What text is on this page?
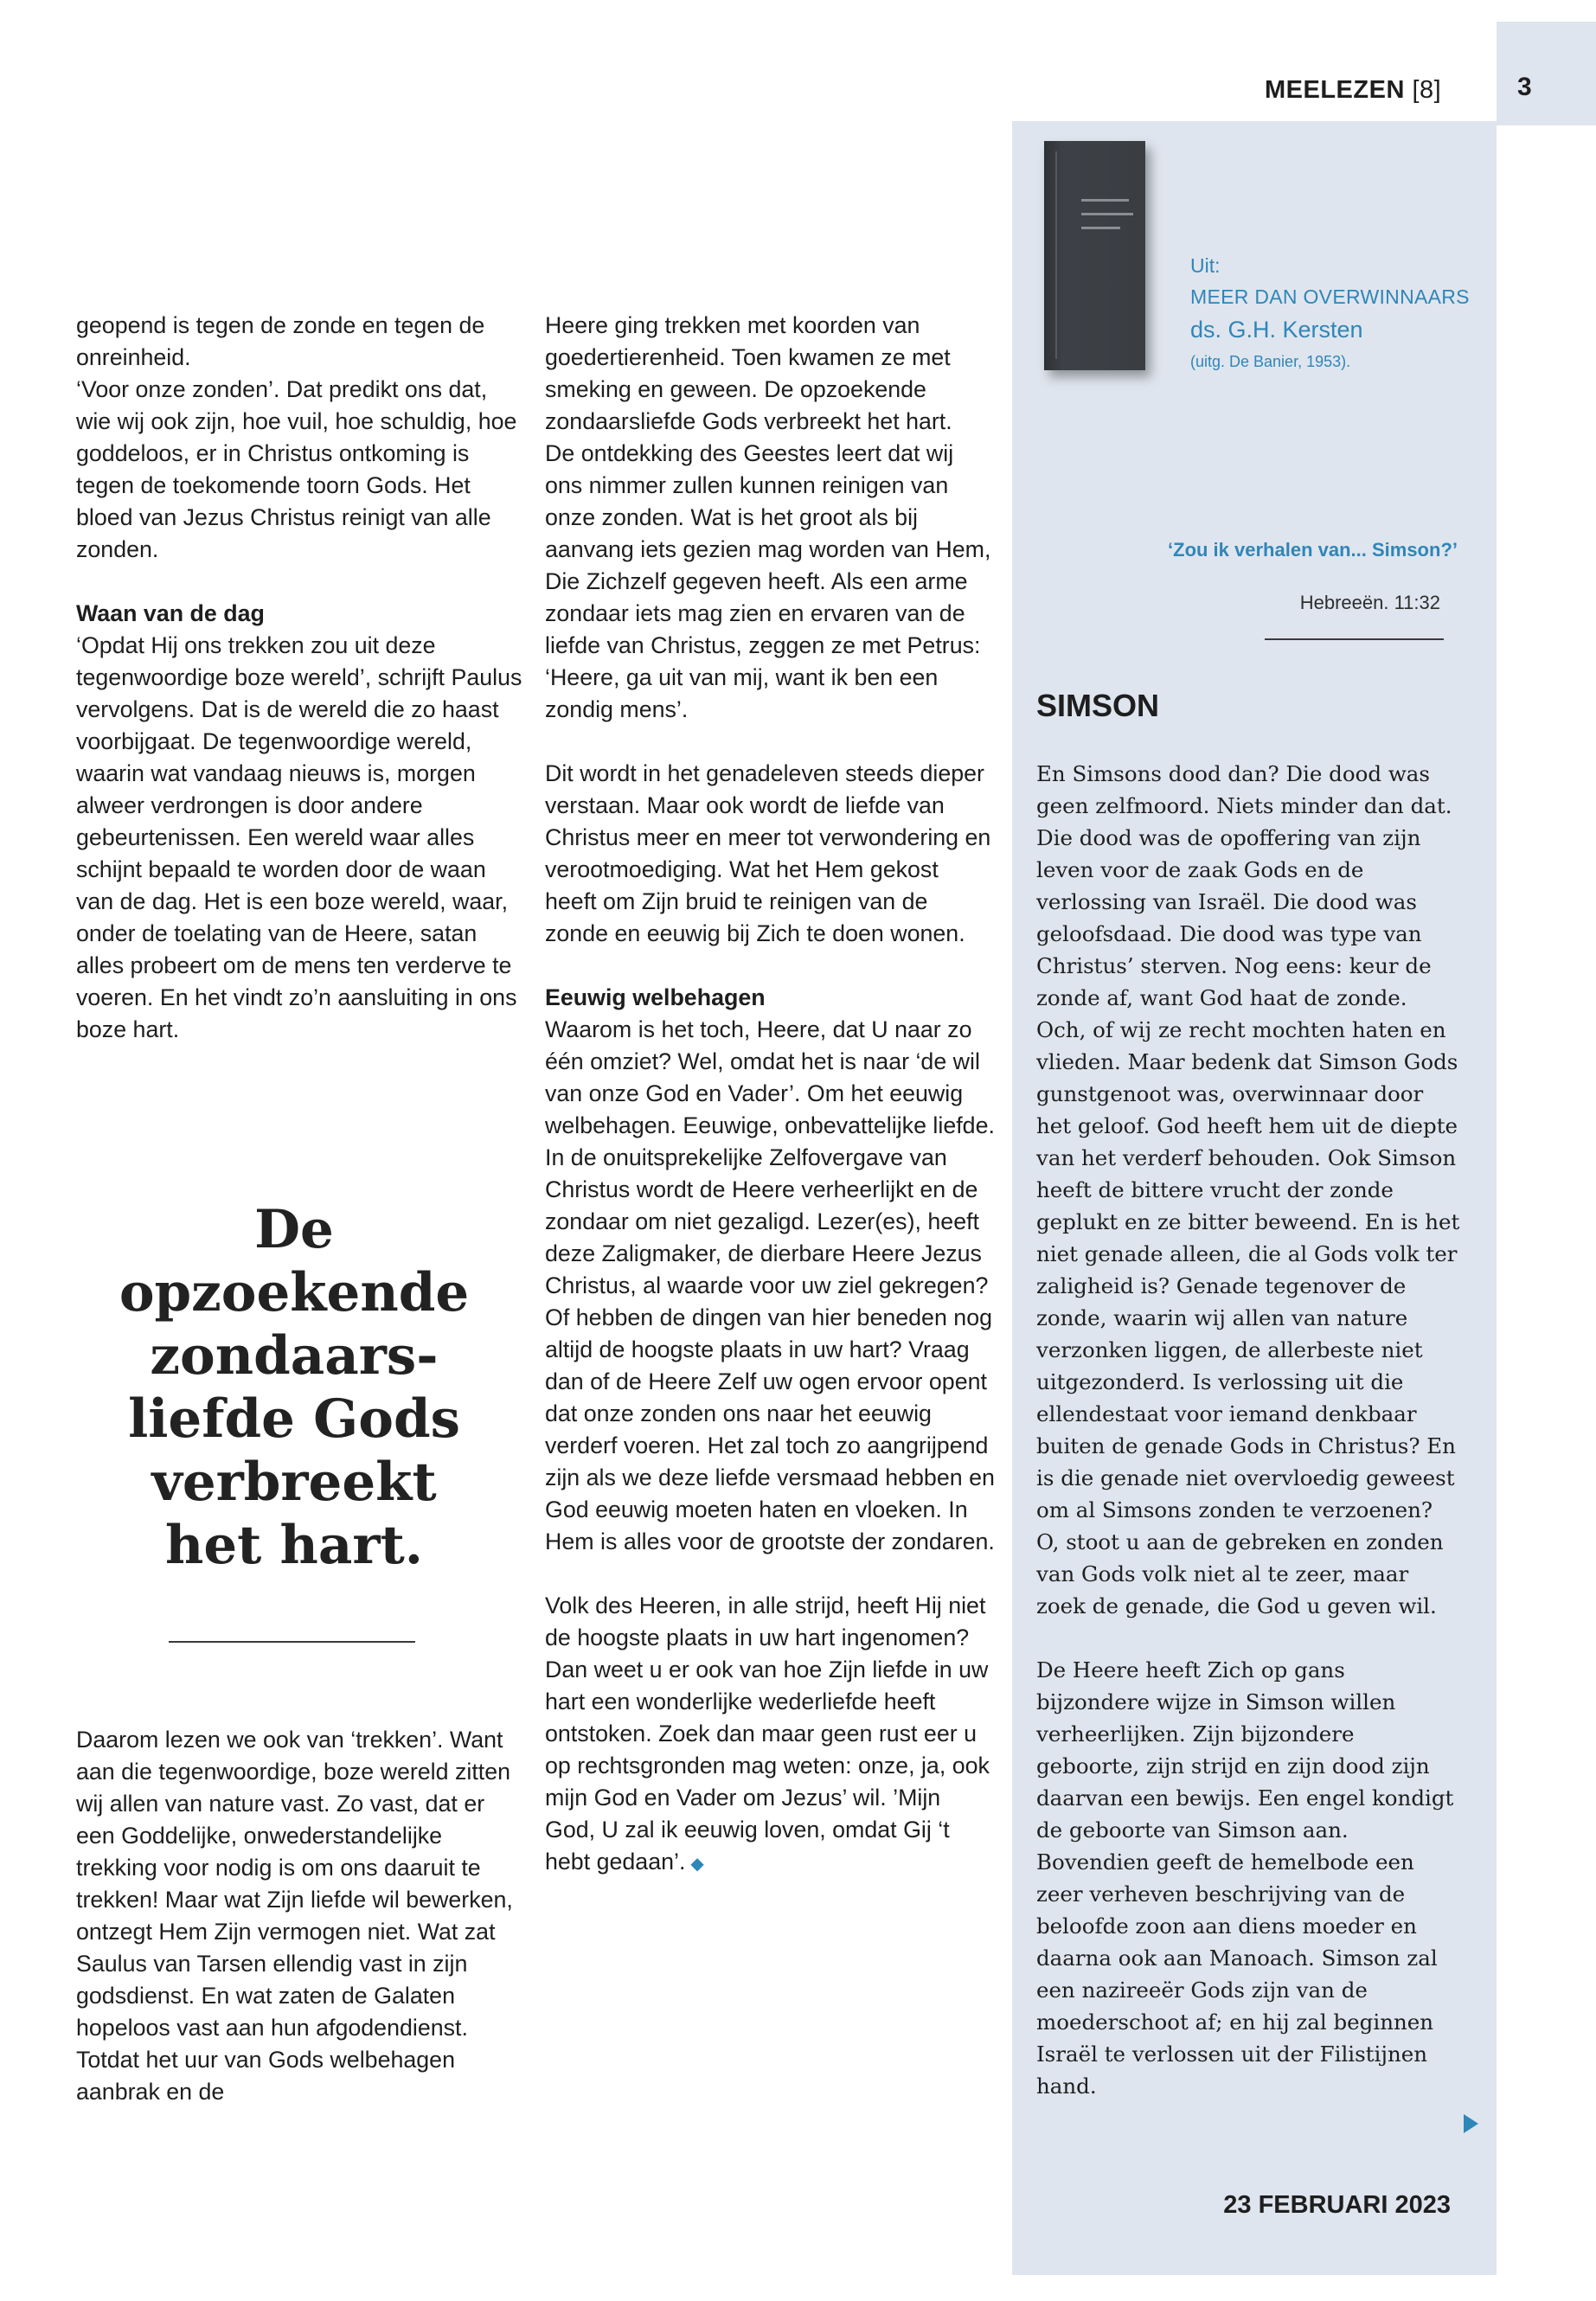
3
MEELEZEN [8]

geopend is tegen de zonde en tegen de onreinheid.

‘Voor onze zonden’. Dat predikt ons dat, wie wij ook zijn, hoe vuil, hoe schuldig, hoe goddeloos, er in Christus ontkoming is tegen de toekomende toorn Gods. Het bloed van Jezus Christus reinigt van alle zonden.

Waan van de dag
‘Opdat Hij ons trekken zou uit deze tegenwoordige boze wereld’, schrijft Paulus vervolgens. Dat is de wereld die zo haast voorbijgaat. De tegenwoordige wereld, waarin wat vandaag nieuws is, morgen alweer verdrongen is door andere gebeurtenissen. Een wereld waar alles schijnt bepaald te worden door de waan van de dag. Het is een boze wereld, waar, onder de toelating van de Heere, satan alles probeert om de mens ten verderve te voeren. En het vindt zo’n aansluiting in ons boze hart.

De opzoekende zondaars-liefde Gods verbreekt het hart.

Daarom lezen we ook van ‘trekken’. Want aan die tegenwoordige, boze wereld zitten wij allen van nature vast. Zo vast, dat er een Goddelijke, onwederstandelijke trekking voor nodig is om ons daaruit te trekken! Maar wat Zijn liefde wil bewerken, ontzegt Hem Zijn vermogen niet. Wat zat Saulus van Tarsen ellendig vast in zijn godsdienst. En wat zaten de Galaten hopeloos vast aan hun afgodendienst. Totdat het uur van Gods welbehagen aanbrak en de

Heere ging trekken met koorden van goedertierenheid. Toen kwamen ze met smeking en geween. De opzoekende zondaarsliefde Gods verbreekt het hart.

De ontdekking des Geestes leert dat wij ons nimmer zullen kunnen reinigen van onze zonden. Wat is het groot als bij aanvang iets gezien mag worden van Hem, Die Zichzelf gegeven heeft. Als een arme zondaar iets mag zien en ervaren van de liefde van Christus, zeggen ze met Petrus: ‘Heere, ga uit van mij, want ik ben een zondig mens’.

Dit wordt in het genadeleven steeds dieper verstaan. Maar ook wordt de liefde van Christus meer en meer tot verwondering en verootmoediging. Wat het Hem gekost heeft om Zijn bruid te reinigen van de zonde en eeuwig bij Zich te doen wonen.

Eeuwig welbehagen
Waarom is het toch, Heere, dat U naar zo één omziet? Wel, omdat het is naar ‘de wil van onze God en Vader’. Om het eeuwig welbehagen. Eeuwige, onbevattelijke liefde. In de onuitsprekelijke Zelfovergave van Christus wordt de Heere verheerlijkt en de zondaar om niet gezaligd. Lezer(es), heeft deze Zaligmaker, de dierbare Heere Jezus Christus, al waarde voor uw ziel gekregen? Of hebben de dingen van hier beneden nog altijd de hoogste plaats in uw hart? Vraag dan of de Heere Zelf uw ogen ervoor opent dat onze zonden ons naar het eeuwig verderf voeren. Het zal toch zo aangrijpend zijn als we deze liefde versmaad hebben en God eeuwig moeten haten en vloeken. In Hem is alles voor de grootste der zondaren.

Volk des Heeren, in alle strijd, heeft Hij niet de hoogste plaats in uw hart ingenomen? Dan weet u er ook van hoe Zijn liefde in uw hart een wonderlijke wederliefde heeft ontstoken. Zoek dan maar geen rust eer u op rechtsgronden mag weten: onze, ja, ook mijn God en Vader om Jezus’ wil. ’Mijn God, U zal ik eeuwig loven, omdat Gij ‘t hebt gedaan’. ◆

Uit:
MEER DAN OVERWINNAARS
ds. G.H. Kersten
(uitg. De Banier, 1953).
‘Zou ik verhalen van... Simson?’
Hebreeën. 11:32
SIMSON

En Simsons dood dan? Die dood was geen zelfmoord. Niets minder dan dat. Die dood was de opoffering van zijn leven voor de zaak Gods en de verlossing van Israël. Die dood was geloofsdaad. Die dood was type van Christus’ sterven. Nog eens: keur de zonde af, want God haat de zonde. Och, of wij ze recht mochten haten en vlieden. Maar bedenk dat Simson Gods gunstgenoot was, overwinnaar door het geloof. God heeft hem uit de diepte van het verderf behouden. Ook Simson heeft de bittere vrucht der zonde geplukt en ze bitter beweend. En is het niet genade alleen, die al Gods volk ter zaligheid is? Genade tegenover de zonde, waarin wij allen van nature verzonken liggen, de allerbeste niet uitgezonderd. Is verlossing uit die ellendestaat voor iemand denkbaar buiten de genade Gods in Christus? En is die genade niet overvloedig geweest om al Simsons zonden te verzoenen? O, stoot u aan de gebreken en zonden van Gods volk niet al te zeer, maar zoek de genade, die God u geven wil.

De Heere heeft Zich op gans bijzondere wijze in Simson willen verheerlijken. Zijn bijzondere geboorte, zijn strijd en zijn dood zijn daarvan een bewijs. Een engel kondigt de geboorte van Simson aan. Bovendien geeft de hemelbode een zeer verheven beschrijving van de beloofde zoon aan diens moeder en daarna ook aan Manoach. Simson zal een nazireeër Gods zijn van de moederschoot af; en hij zal beginnen Israël te verlossen uit der Filistijnen hand.

23 FEBRUARI 2023
